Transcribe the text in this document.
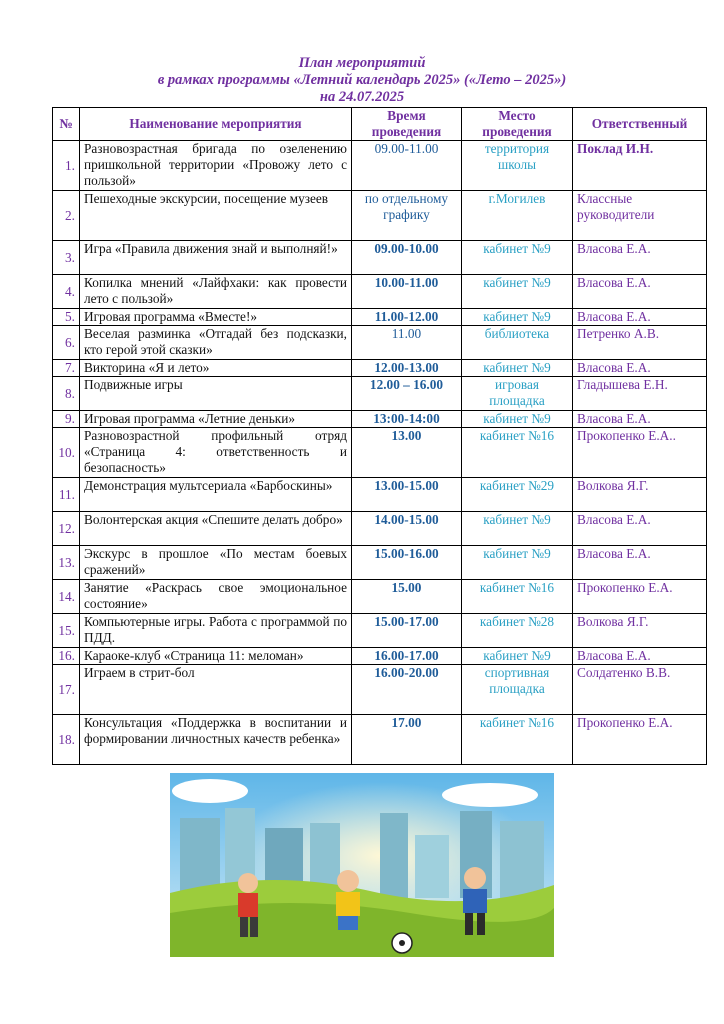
План мероприятий
в рамках программы «Летний календарь 2025» («Лето – 2025»)
на 24.07.2025
№	Наименование мероприятия	Время проведения	Место проведения	Ответственный
1.	Разновозрастная бригада по озеленению пришкольной территории «Провожу лето с пользой»	09.00-11.00	территория школы	Поклад И.Н.
2.	Пешеходные экскурсии, посещение музеев	по отдельному графику	г.Могилев	Классные руководители
3.	Игра «Правила движения знай и выполняй!»	09.00-10.00	кабинет №9	Власова Е.А.
4.	Копилка мнений «Лайфхаки: как провести лето с пользой»	10.00-11.00	кабинет №9	Власова Е.А.
5.	Игровая программа «Вместе!»	11.00-12.00	кабинет №9	Власова Е.А.
6.	Веселая разминка «Отгадай без подсказки, кто герой этой сказки»	11.00	библиотека	Петренко А.В.
7.	Викторина «Я и лето»	12.00-13.00	кабинет №9	Власова Е.А.
8.	Подвижные игры	12.00 – 16.00	игровая площадка	Гладышева Е.Н.
9.	Игровая программа «Летние деньки»	13:00-14:00	кабинет №9	Власова Е.А.
10.	Разновозрастной профильный отряд «Страница 4: ответственность и безопасность»	13.00	кабинет №16	Прокопенко Е.А..
11.	Демонстрация мультсериала «Барбоскины»	13.00-15.00	кабинет №29	Волкова Я.Г.
12.	Волонтерская акция «Спешите делать добро»	14.00-15.00	кабинет №9	Власова Е.А.
13.	Экскурс в прошлое «По местам боевых сражений»	15.00-16.00	кабинет №9	Власова Е.А.
14.	Занятие «Раскрась свое эмоциональное состояние»	15.00	кабинет №16	Прокопенко Е.А.
15.	Компьютерные игры. Работа с программой по ПДД.	15.00-17.00	кабинет №28	Волкова Я.Г.
16.	Караоке-клуб «Страница 11: меломан»	16.00-17.00	кабинет №9	Власова Е.А.
17.	Играем в стрит-бол	16.00-20.00	спортивная площадка	Солдатенко В.В.
18.	Консультация «Поддержка в воспитании и формировании личностных качеств ребенка»	17.00	кабинет №16	Прокопенко Е.А.
